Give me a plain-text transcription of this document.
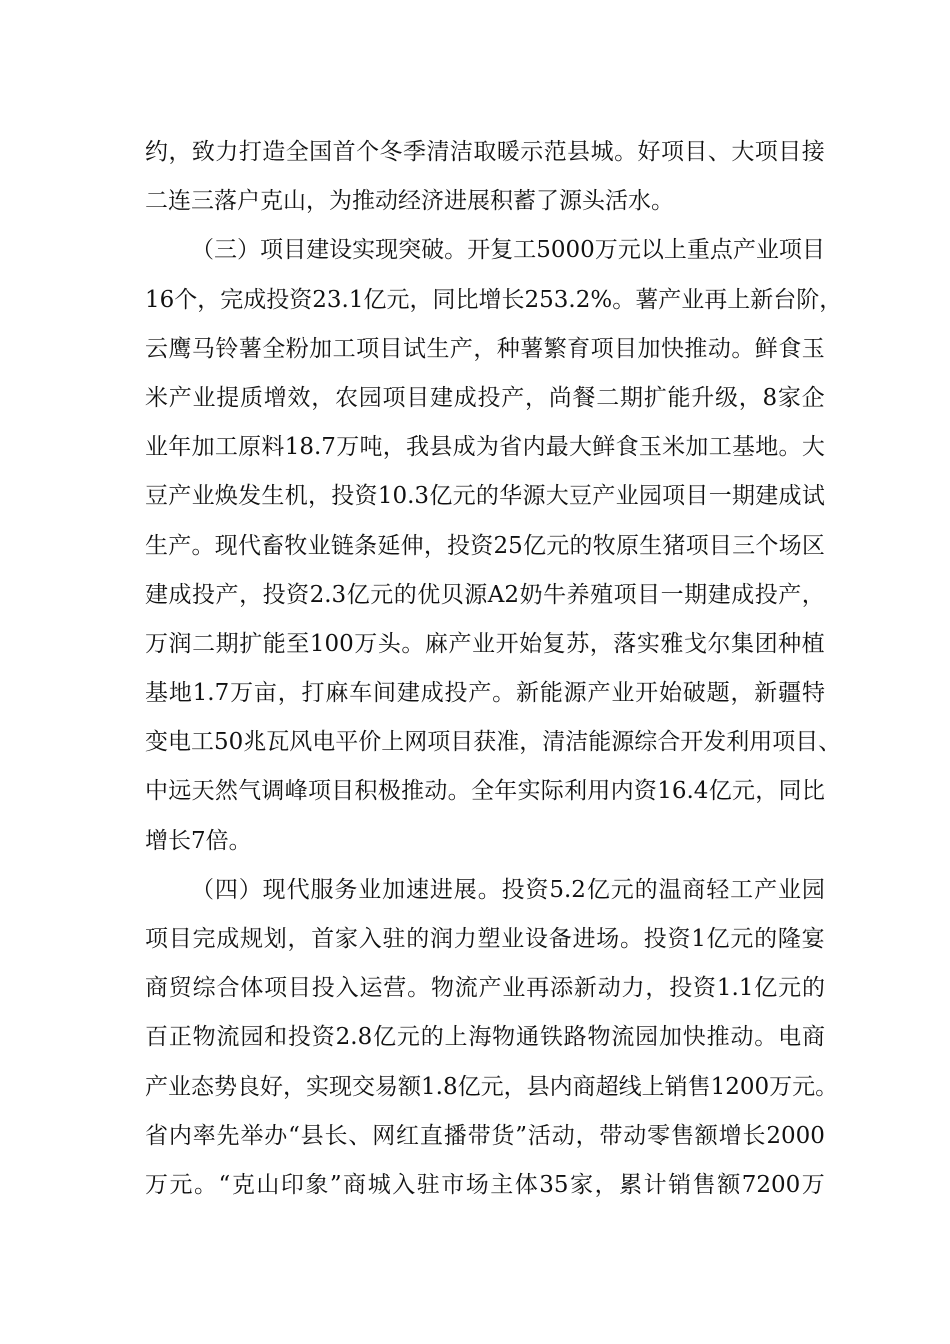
约 ， 致 力 打 造 全 国 首 个 冬 季 清 洁 取 暖 示 范 县 城 。 好 项 目 、 大 项 目 接
二连三落户克山，为推动经济进展积蓄了源头活水。
（ 三 ） 项 目 建 设 实 现 突 破 。 开 复 工 5000 万 元 以 上 重 点 产 业 项 目
16 个 ， 完 成 投 资 23.1 亿 元 ， 同 比 增 长 253.2% 。 薯 产 业 再 上 新 台 阶 ，
云 鹰 马 铃 薯 全 粉 加 工 项 目 试 生 产 ， 种 薯 繁 育 项 目 加 快 推 动 。 鲜 食 玉
米 产 业 提 质 增 效 ， 农 园 项 目 建 成 投 产 ， 尚 餐 二 期 扩 能 升 级 ， 8 家 企
业 年 加 工 原 料 18.7 万 吨 ， 我 县 成 为 省 内 最 大 鲜 食 玉 米 加 工 基 地 。 大
豆 产 业 焕 发 生 机 ， 投 资 10.3 亿 元 的 华 源 大 豆 产 业 园 项 目 一 期 建 成 试
生 产 。 现 代 畜 牧 业 链 条 延 伸 ， 投 资 25 亿 元 的 牧 原 生 猪 项 目 三 个 场 区
建 成 投 产 ， 投 资 2.3 亿 元 的 优 贝 源 A2 奶 牛 养 殖 项 目 一 期 建 成 投 产 ，
万 润 二 期 扩 能 至 100 万 头 。 麻 产 业 开 始 复 苏 ， 落 实 雅 戈 尔 集 团 种 植
基 地 1.7 万 亩 ， 打 麻 车 间 建 成 投 产 。 新 能 源 产 业 开 始 破 题 ， 新 疆 特
变 电 工 50 兆 瓦 风 电 平 价 上 网 项 目 获 准 ， 清 洁 能 源 综 合 开 发 利 用 项 目 、
中 远 天 然 气 调 峰 项 目 积 极 推 动 。 全 年 实 际 利 用 内 资 16.4 亿 元 ， 同 比
增长7倍。
（ 四 ） 现 代 服 务 业 加 速 进 展 。 投 资 5.2 亿 元 的 温 商 轻 工 产 业 园
项 目 完 成 规 划 ， 首 家 入 驻 的 润 力 塑 业 设 备 进 场 。 投 资 1 亿 元 的 隆 宴
商 贸 综 合 体 项 目 投 入 运 营 。 物 流 产 业 再 添 新 动 力 ， 投 资 1.1 亿 元 的
百 正 物 流 园 和 投 资 2.8 亿 元 的 上 海 物 通 铁 路 物 流 园 加 快 推 动 。 电 商
产 业 态 势 良 好 ， 实 现 交 易 额 1.8 亿 元 ， 县 内 商 超 线 上 销 售 1200 万 元 。
省 内 率 先 举 办 “ 县 长 、 网 红 直 播 带 货 ” 活 动 ， 带 动 零 售 额 增 长 2000
万 元 。 “ 克 山 印 象 ” 商 城 入 驻 市 场 主 体 35 家 ， 累 计 销 售 额 7200 万
